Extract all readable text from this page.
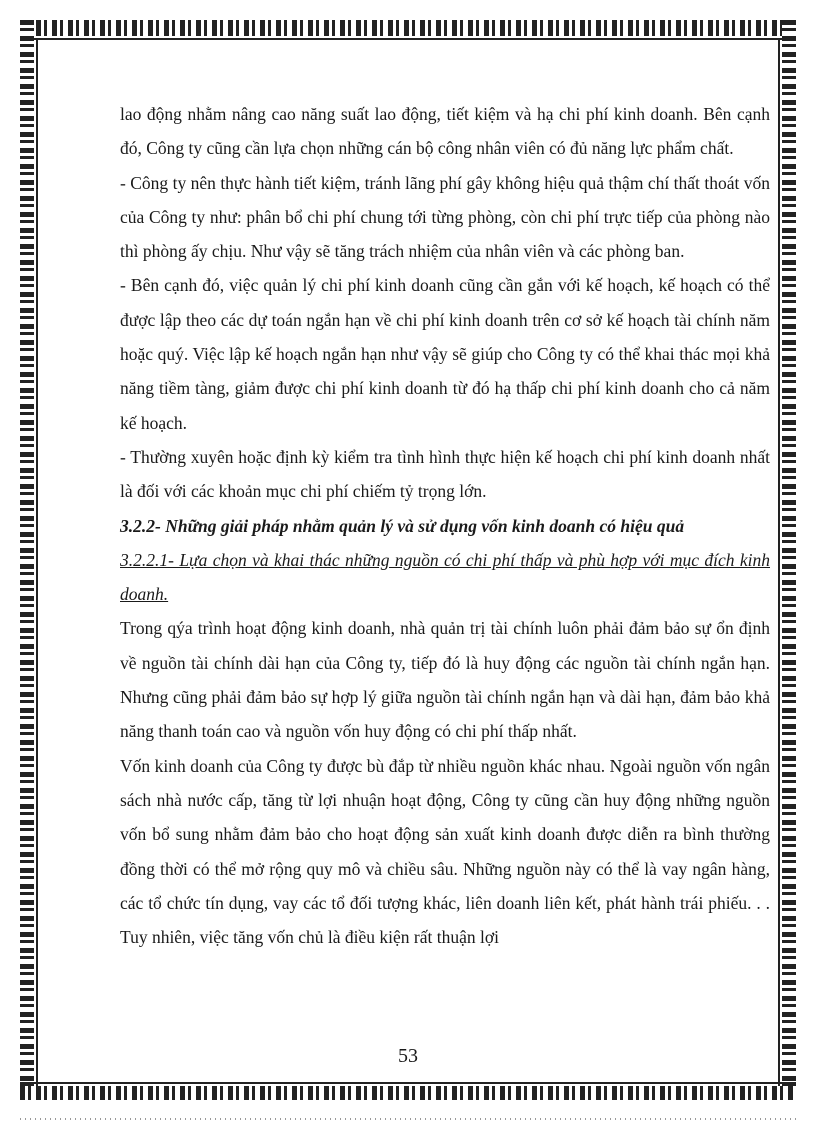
lao động nhằm nâng cao năng suất lao động, tiết kiệm và hạ chi phí kinh doanh. Bên cạnh đó, Công ty cũng cần lựa chọn những cán bộ công nhân viên có đủ năng lực phẩm chất.

- Công ty nên thực hành tiết kiệm, tránh lãng phí gây không hiệu quả thậm chí thất thoát vốn của Công ty như: phân bổ chi phí chung tới từng phòng, còn chi phí trực tiếp của phòng nào thì phòng ấy chịu. Như vậy sẽ tăng trách nhiệm của nhân viên và các phòng ban.

- Bên cạnh đó, việc quản lý chi phí kinh doanh cũng cần gắn với kế hoạch, kế hoạch có thể được lập theo các dự toán ngắn hạn về chi phí kinh doanh trên cơ sở kế hoạch tài chính năm hoặc quý. Việc lập kế hoạch ngắn hạn như vậy sẽ giúp cho Công ty có thể khai thác mọi khả năng tiềm tàng, giảm được chi phí kinh doanh từ đó hạ thấp chi phí kinh doanh cho cả năm kế hoạch.

- Thường xuyên hoặc định kỳ kiểm tra tình hình thực hiện kế hoạch chi phí kinh doanh nhất là đối với các khoản mục chi phí chiếm tỷ trọng lớn.

3.2.2- Những giải pháp nhằm quản lý và sử dụng vốn kinh doanh có hiệu quả

3.2.2.1- Lựa chọn và khai thác những nguồn có chi phí thấp và phù hợp với mục đích kinh doanh.

Trong qýa trình hoạt động kinh doanh, nhà quản trị tài chính luôn phải đảm bảo sự ổn định về nguồn tài chính dài hạn của Công ty, tiếp đó là huy động các nguồn tài chính ngắn hạn. Nhưng cũng phải đảm bảo sự hợp lý giữa nguồn tài chính ngắn hạn và dài hạn, đảm bảo khả năng thanh toán cao và nguồn vốn huy động có chi phí thấp nhất.

Vốn kinh doanh của Công ty được bù đắp từ nhiều nguồn khác nhau. Ngoài nguồn vốn ngân sách nhà nước cấp, tăng từ lợi nhuận hoạt động, Công ty cũng cần huy động những nguồn vốn bổ sung nhằm đảm bảo cho hoạt động sản xuất kinh doanh được diễn ra bình thường đồng thời có thể mở rộng quy mô và chiều sâu. Những nguồn này có thể là vay ngân hàng, các tổ chức tín dụng, vay các tổ đối tượng khác, liên doanh liên kết, phát hành trái phiếu. . . Tuy nhiên, việc tăng vốn chủ là điều kiện rất thuận lợi

53
